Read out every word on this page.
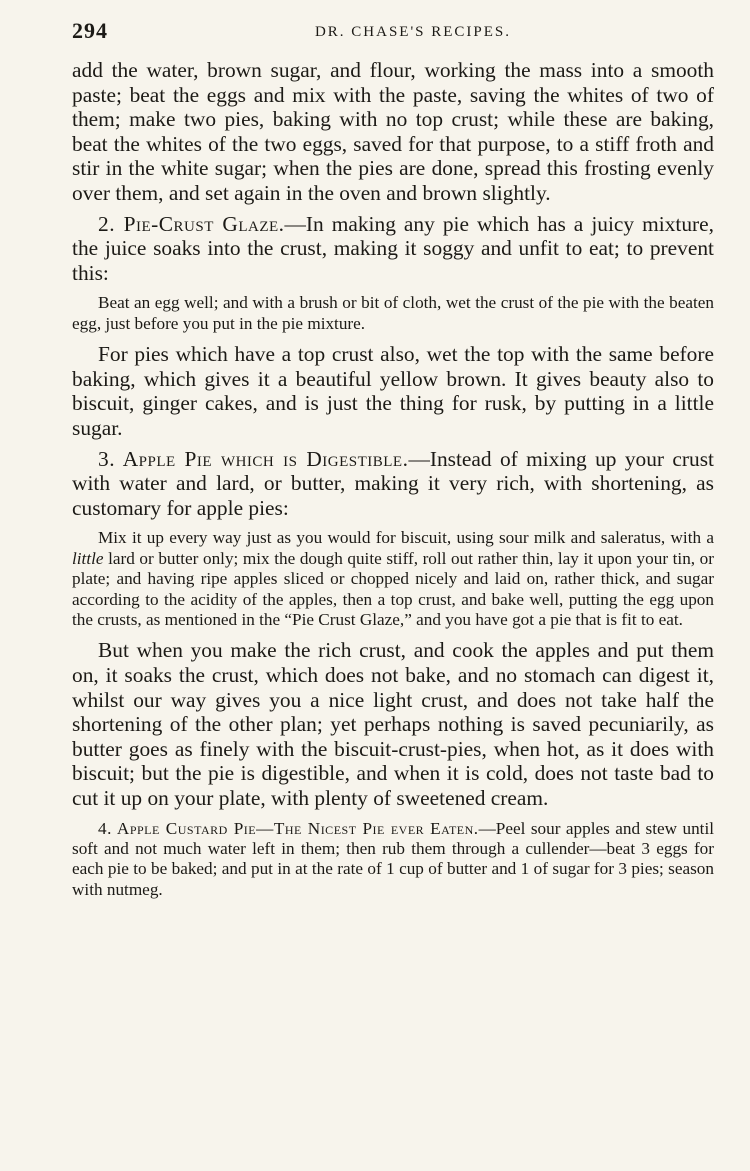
294	DR. CHASE'S RECIPES.

add the water, brown sugar, and flour, working the mass into a smooth paste; beat the eggs and mix with the paste, saving the whites of two of them; make two pies, baking with no top crust; while these are baking, beat the whites of the two eggs, saved for that purpose, to a stiff froth and stir in the white sugar; when the pies are done, spread this frosting evenly over them, and set again in the oven and brown slightly.

2. Pie-Crust Glaze.—In making any pie which has a juicy mixture, the juice soaks into the crust, making it soggy and unfit to eat; to prevent this:

Beat an egg well; and with a brush or bit of cloth, wet the crust of the pie with the beaten egg, just before you put in the pie mixture.

For pies which have a top crust also, wet the top with the same before baking, which gives it a beautiful yellow brown. It gives beauty also to biscuit, ginger cakes, and is just the thing for rusk, by putting in a little sugar.

3. Apple Pie which is Digestible.—Instead of mixing up your crust with water and lard, or butter, making it very rich, with shortening, as customary for apple pies:

Mix it up every way just as you would for biscuit, using sour milk and saleratus, with a little lard or butter only; mix the dough quite stiff, roll out rather thin, lay it upon your tin, or plate; and having ripe apples sliced or chopped nicely and laid on, rather thick, and sugar according to the acidity of the apples, then a top crust, and bake well, putting the egg upon the crusts, as mentioned in the “Pie Crust Glaze,” and you have got a pie that is fit to eat.

But when you make the rich crust, and cook the apples and put them on, it soaks the crust, which does not bake, and no stomach can digest it, whilst our way gives you a nice light crust, and does not take half the shortening of the other plan; yet perhaps nothing is saved pecuniarily, as butter goes as finely with the biscuit-crust-pies, when hot, as it does with biscuit; but the pie is digestible, and when it is cold, does not taste bad to cut it up on your plate, with plenty of sweetened cream.

4. Apple Custard Pie—The Nicest Pie ever Eaten.—Peel sour apples and stew until soft and not much water left in them; then rub them through a cullender—beat 3 eggs for each pie to be baked; and put in at the rate of 1 cup of butter and 1 of sugar for 3 pies; season with nutmeg.
